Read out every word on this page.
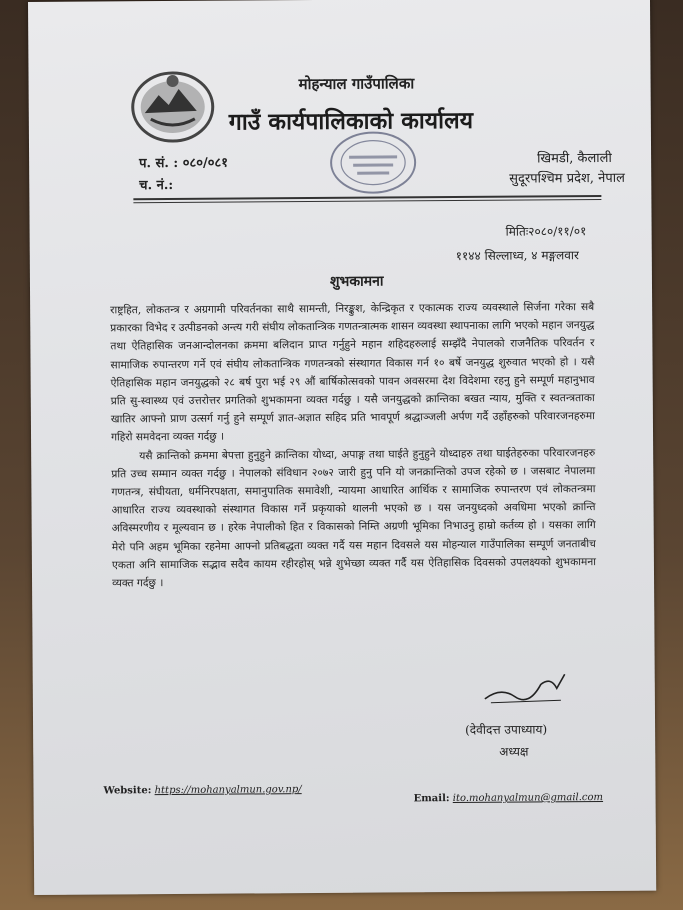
मोहन्याल गाउँपालिका
गाउँ कार्यपालिकाको कार्यालय
प. सं. : ०८०/०८१
च. नं.:
खिमडी, कैलाली
सुदूरपश्चिम प्रदेश, नेपाल
मितिः२०८०/११/०१
११४४ सिल्लाध्व, ४ मङ्गलवार
शुभकामना

राष्ट्रहित, लोकतन्त्र र अग्रगामी परिवर्तनका साथै सामन्ती, निरङ्कुश, केन्द्रिकृत र एकात्मक राज्य व्यवस्थाले सिर्जना गरेका सबै प्रकारका विभेद र उत्पीडनको अन्त्य गरी संघीय लोकतान्त्रिक गणतन्त्रात्मक शासन व्यवस्था स्थापनाका लागि भएको महान जनयुद्ध तथा ऐतिहासिक जनआन्दोलनका क्रममा बलिदान प्राप्त गर्नुहुने महान शहिदहरुलाई सम्झँदै नेपालको राजनैतिक परिवर्तन र सामाजिक रुपान्तरण गर्ने एवं संघीय लोकतान्त्रिक गणतन्त्रको संस्थागत विकास गर्न १० बर्षे जनयुद्ध शुरुवात भएको हो । यसै ऐतिहासिक महान जनयुद्धको २८ बर्ष पुरा भई २९ औं बार्षिकोत्सवको पावन अवसरमा देश विदेशमा रहनु हुने सम्पूर्ण महानुभाव प्रति सु-स्वास्थ्य एवं उत्तरोत्तर प्रगतिको शुभकामना व्यक्त गर्दछु । यसै जनयुद्धको क्रान्तिका बखत न्याय, मुक्ति र स्वतन्त्रताका खातिर आफ्नो प्राण उत्सर्ग गर्नु हुने सम्पूर्ण ज्ञात-अज्ञात सहिद प्रति भावपूर्ण श्रद्धाञ्जली अर्पण गर्दै उहाँहरुको परिवारजनहरुमा गहिरो समवेदना व्यक्त गर्दछु ।

यसै क्रान्तिको क्रममा बेपत्ता हुनुहुने क्रान्तिका योध्दा, अपाङ्ग तथा घाईते हुनुहुने योध्दाहरु तथा घाईतेहरुका परिवारजनहरु प्रति उच्च सम्मान व्यक्त गर्दछु । नेपालको संविधान २०७२ जारी हुनु पनि यो जनक्रान्तिको उपज रहेको छ । जसबाट नेपालमा गणतन्त्र, संघीयता, धर्मनिरपक्षता, समानुपातिक समावेशी, न्यायमा आधारित आर्थिक र सामाजिक रुपान्तरण एवं लोकतन्त्रमा आधारित राज्य व्यवस्थाको संस्थागत विकास गर्ने प्रकृयाको थालनी भएको छ । यस जनयुध्दको अवधिमा भएको क्रान्ति अविस्मरणीय र मूल्यवान छ । हरेक नेपालीको हित र विकासको निम्ति अग्रणी भूमिका निभाउनु हाम्रो कर्तव्य हो । यसका लागि मेरो पनि अहम भूमिका रहनेमा आफ्नो प्रतिबद्धता व्यक्त गर्दै यस महान दिवसले यस मोहन्याल गाउँपालिका सम्पूर्ण जनताबीच एकता अनि सामाजिक सद्भाव सदैव कायम रहीरहोस् भन्ने शुभेच्छा व्यक्त गर्दै यस ऐतिहासिक दिवसको उपलक्ष्यको शुभकामना व्यक्त गर्दछु ।

(देवीदत्त उपाध्याय)
अध्यक्ष
Website: https://mohanyalmun.gov.np/
Email: ito.mohanyalmun@gmail.com
